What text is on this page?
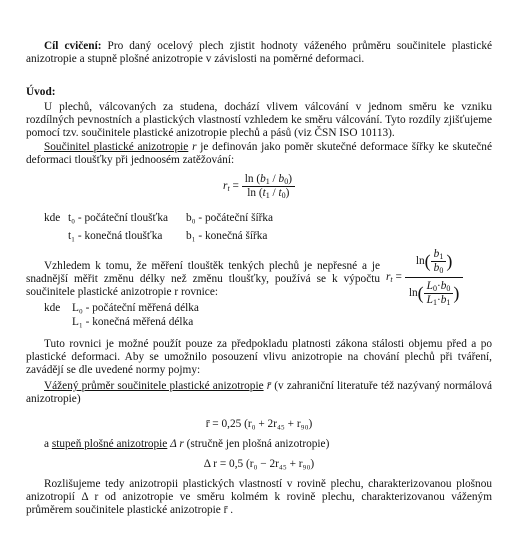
Cíl cvičení: Pro daný ocelový plech zjistit hodnoty váženého průměru součinitele plastické anizotropie a stupně plošné anizotropie v závislosti na poměrné deformaci.
Úvod:
U plechů, válcovaných za studena, dochází vlivem válcování v jednom směru ke vzniku rozdílných pevnostních a plastických vlastností vzhledem ke směru válcování. Tyto rozdíly zjišťujeme pomocí tzv. součinitele plastické anizotropie plechů a pásů (viz ČSN ISO 10113).
Součinitel plastické anizotropie r je definován jako poměr skutečné deformace šířky ke skutečné deformaci tloušťky při jednoosém zatěžování:
$r_t = \frac{\ln (b_1 / b_0)}{\ln (t_1 / t_0)}$
kde t₀ - počáteční tloušťka b₀ - počáteční šířka
t₁ - konečná tloušťka b₁ - konečná šířka
Vzhledem k tomu, že měření tlouštěk tenkých plechů je nepřesné a je snadnější měřit změnu délky než změnu tloušťky, používá se k výpočtu součinitele plastické anizotropie r rovnice:
$r_t = \frac{\ln( \frac{b_1}{b_0} )}{\ln( \frac{L_0\cdot b_0}{L_1\cdot b_1} )}$
kde L₀ - počáteční měřená délka
L₁ - konečná měřená délka
Tuto rovnici je možné použít pouze za předpokladu platnosti zákona stálosti objemu před a po plastické deformaci. Aby se umožnilo posouzení vlivu anizotropie na chování plechů při tváření, zavádějí se dle uvedené normy pojmy:
Vážený průměr součinitele plastické anizotropie r̄ (v zahraniční literatuře též nazývaný normálová anizotropie)
r̄ = 0,25 (r₀ + 2r₄₅ + r₉₀)
a stupeň plošné anizotropie Δ r (stručně jen plošná anizotropie)
Δ r = 0,5 (r₀ − 2r₄₅ + r₉₀)
Rozlišujeme tedy anizotropii plastických vlastností v rovině plechu, charakterizovanou plošnou anizotropií Δ r od anizotropie ve směru kolmém k rovině plechu, charakterizovanou váženým průměrem součinitele plastické anizotropie r̄ .
